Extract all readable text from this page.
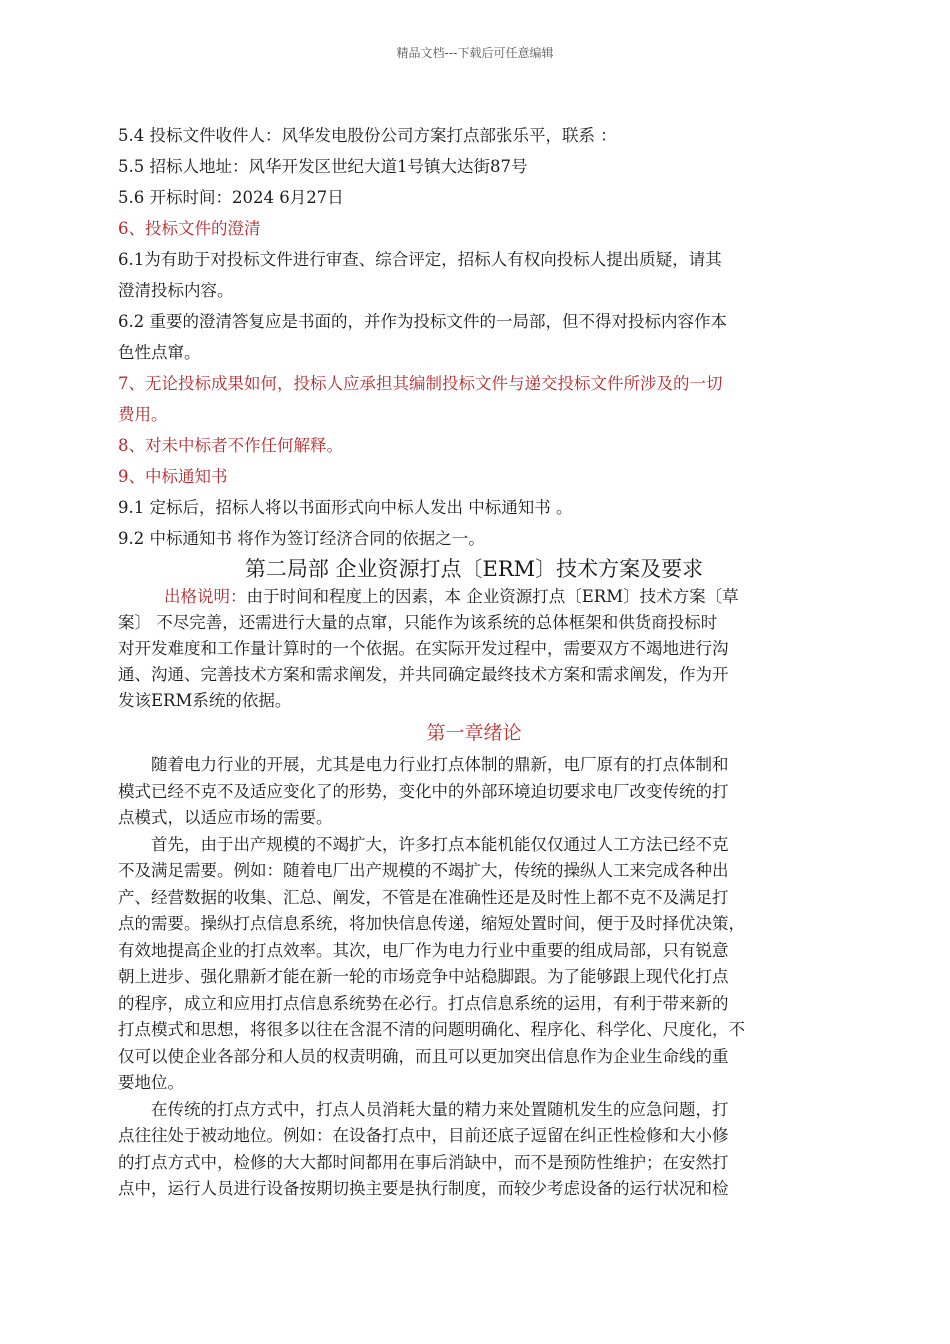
精品文档---下载后可任意编辑
5.4 投标文件收件人：风华发电股份公司方案打点部张乐平，联系 ：
5.5 招标人地址：风华开发区世纪大道1号镇大达街87号
5.6 开标时间：2024 6月27日
6、投标文件的澄清
6.1为有助于对投标文件进行审查、综合评定，招标人有权向投标人提出质疑，请其
澄清投标内容。
6.2 重要的澄清答复应是书面的，并作为投标文件的一局部，但不得对投标内容作本
色性点窜。
7、无论投标成果如何，投标人应承担其编制投标文件与递交投标文件所涉及的一切
费用。
8、对未中标者不作任何解释。
9、中标通知书
9.1 定标后，招标人将以书面形式向中标人发出 中标通知书 。
9.2 中标通知书 将作为签订经济合同的依据之一。
第二局部 企业资源打点〔ERM〕技术方案及要求
出格说明：由于时间和程度上的因素，本 企业资源打点〔ERM〕技术方案〔草
案〕 不尽完善，还需进行大量的点窜，只能作为该系统的总体框架和供货商投标时
对开发难度和工作量计算时的一个依据。在实际开发过程中，需要双方不竭地进行沟
通、沟通、完善技术方案和需求阐发，并共同确定最终技术方案和需求阐发，作为开
发该ERM系统的依据。
第一章绪论
随着电力行业的开展，尤其是电力行业打点体制的鼎新，电厂原有的打点体制和
模式已经不克不及适应变化了的形势，变化中的外部环境迫切要求电厂改变传统的打
点模式，以适应市场的需要。
首先，由于出产规模的不竭扩大，许多打点本能机能仅仅通过人工方法已经不克
不及满足需要。例如：随着电厂出产规模的不竭扩大，传统的操纵人工来完成各种出
产、经营数据的收集、汇总、阐发，不管是在准确性还是及时性上都不克不及满足打
点的需要。操纵打点信息系统，将加快信息传递，缩短处置时间，便于及时择优决策，
有效地提高企业的打点效率。其次，电厂作为电力行业中重要的组成局部，只有锐意
朝上进步、强化鼎新才能在新一轮的市场竞争中站稳脚跟。为了能够跟上现代化打点
的程序，成立和应用打点信息系统势在必行。打点信息系统的运用，有利于带来新的
打点模式和思想，将很多以往在含混不清的问题明确化、程序化、科学化、尺度化，不
仅可以使企业各部分和人员的权责明确，而且可以更加突出信息作为企业生命线的重
要地位。
在传统的打点方式中，打点人员消耗大量的精力来处置随机发生的应急问题，打
点往往处于被动地位。例如：在设备打点中，目前还底子逗留在纠正性检修和大小修
的打点方式中，检修的大大都时间都用在事后消缺中，而不是预防性维护；在安然打
点中，运行人员进行设备按期切换主要是执行制度，而较少考虑设备的运行状况和检
